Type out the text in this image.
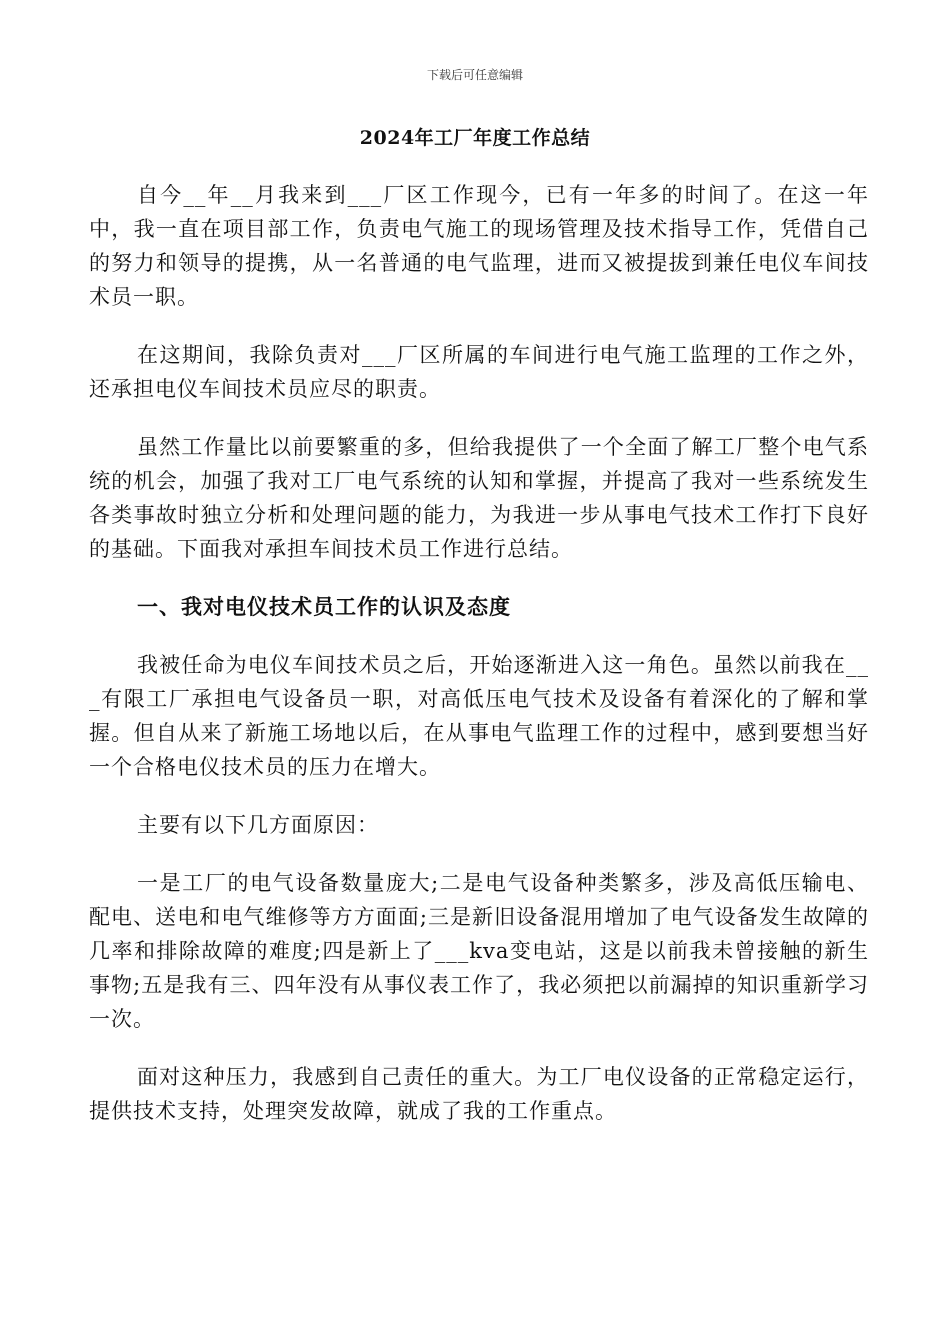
下载后可任意编辑
2024年工厂年度工作总结

自今__年__月我来到___厂区工作现今，已有一年多的时间了。在这一年中，我一直在项目部工作，负责电气施工的现场管理及技术指导工作，凭借自己的努力和领导的提携，从一名普通的电气监理，进而又被提拔到兼任电仪车间技术员一职。

在这期间，我除负责对___厂区所属的车间进行电气施工监理的工作之外，还承担电仪车间技术员应尽的职责。

虽然工作量比以前要繁重的多，但给我提供了一个全面了解工厂整个电气系统的机会，加强了我对工厂电气系统的认知和掌握，并提高了我对一些系统发生各类事故时独立分析和处理问题的能力，为我进一步从事电气技术工作打下良好的基础。下面我对承担车间技术员工作进行总结。

一、我对电仪技术员工作的认识及态度

我被任命为电仪车间技术员之后，开始逐渐进入这一角色。虽然以前我在___有限工厂承担电气设备员一职，对高低压电气技术及设备有着深化的了解和掌握。但自从来了新施工场地以后，在从事电气监理工作的过程中，感到要想当好一个合格电仪技术员的压力在增大。

主要有以下几方面原因：

一是工厂的电气设备数量庞大;二是电气设备种类繁多，涉及高低压输电、配电、送电和电气维修等方方面面;三是新旧设备混用增加了电气设备发生故障的几率和排除故障的难度;四是新上了___kva变电站，这是以前我未曾接触的新生事物;五是我有三、四年没有从事仪表工作了，我必须把以前漏掉的知识重新学习一次。

面对这种压力，我感到自己责任的重大。为工厂电仪设备的正常稳定运行，提供技术支持，处理突发故障，就成了我的工作重点。
